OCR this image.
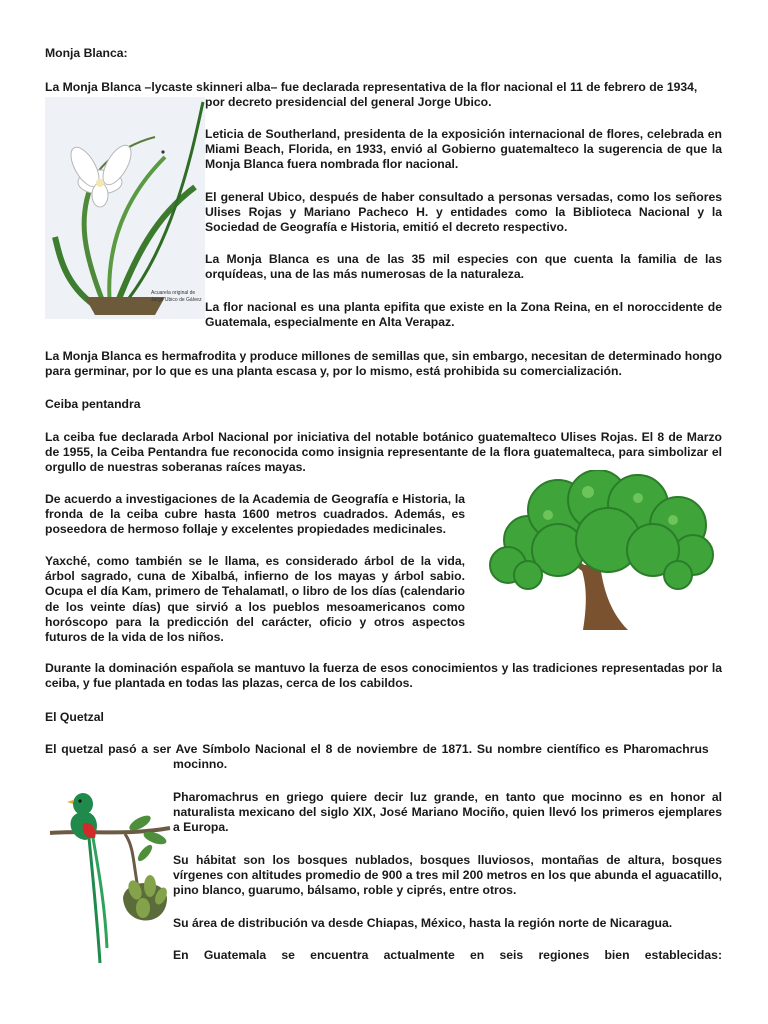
Monja Blanca:
La Monja Blanca –lycaste skinneri alba– fue declarada representativa de la flor nacional el 11 de febrero de 1934,
por decreto presidencial del general Jorge Ubico.
Acuarela original de
Jorge Ubico de Gálvez

Leticia de Southerland, presidenta de la exposición internacional de flores, celebrada en Miami Beach, Florida, en 1933, envió al Gobierno guatemalteco la sugerencia de que la Monja Blanca fuera nombrada flor nacional.

El general Ubico, después de haber consultado a personas versadas, como los señores Ulises Rojas y Mariano Pacheco H. y entidades como la Biblioteca Nacional y la Sociedad de Geografía e Historia, emitió el decreto respectivo.

La Monja Blanca es una de las 35 mil especies con que cuenta la familia de las orquídeas, una de las más numerosas de la naturaleza.

La flor nacional es una planta epifita que existe en la Zona Reina, en el noroccidente de Guatemala, especialmente en Alta Verapaz.

La Monja Blanca es hermafrodita y produce millones de semillas que, sin embargo, necesitan de determinado hongo para germinar, por lo que es una planta escasa y, por lo mismo, está prohibida su comercialización.

Ceiba pentandra

La ceiba fue declarada Arbol Nacional por iniciativa del notable botánico guatemalteco Ulises Rojas. El 8 de Marzo de 1955, la Ceiba Pentandra fue reconocida como insignia representante de la flora guatemalteca, para simbolizar el orgullo de nuestras soberanas raíces mayas.

De acuerdo a investigaciones de la Academia de Geografía e Historia, la fronda de la ceiba cubre hasta 1600 metros cuadrados. Además, es poseedora de hermoso follaje y excelentes propiedades medicinales.

Yaxché, como también se le llama, es considerado árbol de la vida, árbol sagrado, cuna de Xibalbá, infierno de los mayas y árbol sabio. Ocupa el día Kam, primero de Tehalamatl, o libro de los días (calendario de los veinte días) que sirvió a los pueblos mesoamericanos como horóscopo para la predicción del carácter, oficio y otros aspectos futuros de la vida de los niños.

Durante la dominación española se mantuvo la fuerza de esos conocimientos y las tradiciones representadas por la ceiba, y fue plantada en todas las plazas, cerca de los cabildos.

El Quetzal
El quetzal pasó a ser Ave Símbolo Nacional el 8 de noviembre de 1871. Su nombre científico es Pharomachrus
mocinno.

Pharomachrus en griego quiere decir luz grande, en tanto que mocinno es en honor al naturalista mexicano del siglo XIX, José Mariano Mociño, quien llevó los primeros ejemplares a Europa.

Su hábitat son los bosques nublados, bosques lluviosos, montañas de altura, bosques vírgenes con altitudes promedio de 900 a tres mil 200 metros en los que abunda el aguacatillo, pino blanco, guarumo, bálsamo, roble y ciprés, entre otros.

Su área de distribución va desde Chiapas, México, hasta la región norte de Nicaragua.

En Guatemala se encuentra actualmente en seis regiones bien establecidas:
